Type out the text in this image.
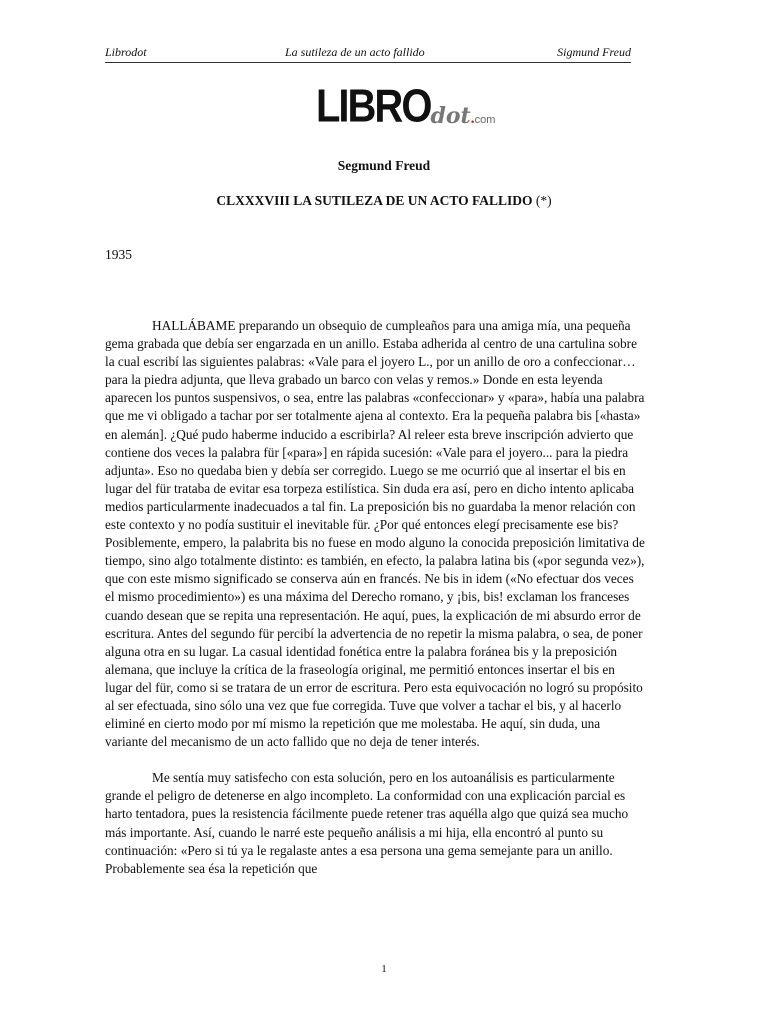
Librodot	La sutileza de un acto fallido	Sigmund Freud
LIBROdot.com
Segmund Freud
CLXXXVIII LA SUTILEZA DE UN ACTO FALLIDO (*)
1935

HALLÁBAME preparando un obsequio de cumpleaños para una amiga mía, una pequeña gema grabada que debía ser engarzada en un anillo. Estaba adherida al centro de una cartulina sobre la cual escribí las siguientes palabras: «Vale para el joyero L., por un anillo de oro a confeccionar… para la piedra adjunta, que lleva grabado un barco con velas y remos.» Donde en esta leyenda aparecen los puntos suspensivos, o sea, entre las palabras «confeccionar» y «para», había una palabra que me vi obligado a tachar por ser totalmente ajena al contexto. Era la pequeña palabra bis [«hasta» en alemán]. ¿Qué pudo haberme inducido a escribirla? Al releer esta breve inscripción advierto que contiene dos veces la palabra für [«para»] en rápida sucesión: «Vale para el joyero... para la piedra adjunta». Eso no quedaba bien y debía ser corregido. Luego se me ocurrió que al insertar el bis en lugar del für trataba de evitar esa torpeza estilística. Sin duda era así, pero en dicho intento aplicaba medios particularmente inadecuados a tal fin. La preposición bis no guardaba la menor relación con este contexto y no podía sustituir el inevitable für. ¿Por qué entonces elegí precisamente ese bis? Posiblemente, empero, la palabrita bis no fuese en modo alguno la conocida preposición limitativa de tiempo, sino algo totalmente distinto: es también, en efecto, la palabra latina bis («por segunda vez»), que con este mismo significado se conserva aún en francés. Ne bis in idem («No efectuar dos veces el mismo procedimiento») es una máxima del Derecho romano, y ¡bis, bis! exclaman los franceses cuando desean que se repita una representación. He aquí, pues, la explicación de mi absurdo error de escritura. Antes del segundo für percibí la advertencia de no repetir la misma palabra, o sea, de poner alguna otra en su lugar. La casual identidad fonética entre la palabra foránea bis y la preposición alemana, que incluye la crítica de la fraseología original, me permitió entonces insertar el bis en lugar del für, como si se tratara de un error de escritura. Pero esta equivocación no logró su propósito al ser efectuada, sino sólo una vez que fue corregida. Tuve que volver a tachar el bis, y al hacerlo eliminé en cierto modo por mí mismo la repetición que me molestaba. He aquí, sin duda, una variante del mecanismo de un acto fallido que no deja de tener interés.

Me sentía muy satisfecho con esta solución, pero en los autoanálisis es particularmente grande el peligro de detenerse en algo incompleto. La conformidad con una explicación parcial es harto tentadora, pues la resistencia fácilmente puede retener tras aquélla algo que quizá sea mucho más importante. Así, cuando le narré este pequeño análisis a mi hija, ella encontró al punto su continuación: «Pero si tú ya le regalaste antes a esa persona una gema semejante para un anillo. Probablemente sea ésa la repetición que

1
